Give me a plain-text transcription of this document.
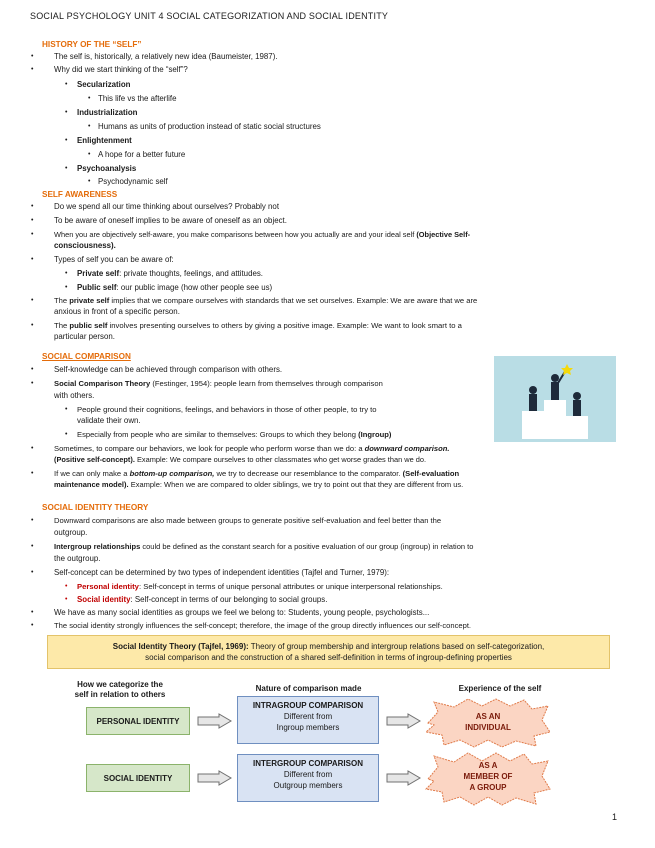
SOCIAL PSYCHOLOGY UNIT 4 SOCIAL CATEGORIZATION AND SOCIAL IDENTITY
HISTORY OF THE “SELF”
•	The self is, historically, a relatively new idea (Baumeister, 1987).
•	Why did we start thinking of the “self”?
• Secularization
• This life vs the afterlife
• Industrialization
• Humans as units of production instead of static social structures
• Enlightenment
• A hope for a better future
• Psychoanalysis
• Psychodynamic self
SELF AWARENESS
•	Do we spend all our time thinking about ourselves? Probably not
•	To be aware of oneself implies to be aware of oneself as an object.
•	When you are objectively self-aware, you make comparisons between how you actually are and your ideal self (Objective Self-
consciousness).
•	Types of self you can be aware of:
• Private self: private thoughts, feelings, and attitudes.
• Public self: our public image (how other people see us)
•	The private self implies that we compare ourselves with standards that we set ourselves. Example: We are aware that we are
anxious in front of a specific person.
•	The public self involves presenting ourselves to others by giving a positive image. Example: We want to look smart to a
particular person.
SOCIAL COMPARISON
•	Self-knowledge can be achieved through comparison with others.
•	Social Comparison Theory (Festinger, 1954): people learn from themselves through comparison
with others.
• People ground their cognitions, feelings, and behaviors in those of other people, to try to
validate their own.
• Especially from people who are similar to themselves: Groups to which they belong (Ingroup)
•	Sometimes, to compare our behaviors, we look for people who perform worse than we do: a downward comparison.
(Positive self-concept). Example: We compare ourselves to other classmates who get worse grades than we do.
•	If we can only make a bottom-up comparison, we try to decrease our resemblance to the comparator. (Self-evaluation
maintenance model). Example: When we are compared to older siblings, we try to point out that they are different from us.
SOCIAL IDENTITY THEORY
•	Downward comparisons are also made between groups to generate positive self-evaluation and feel better than the
outgroup.
•	Intergroup relationships could be defined as the constant search for a positive evaluation of our group (ingroup) in relation to
the outgroup.
•	Self-concept can be determined by two types of independent identities (Tajfel and Turner, 1979):
• Personal identity: Self-concept in terms of unique personal attributes or unique interpersonal relationships.
• Social identity: Self-concept in terms of our belonging to social groups.
•	We have as many social identities as groups we feel we belong to: Students, young people, psychologists...
•	The social identity strongly influences the self-concept; therefore, the image of the group directly influences our self-concept.
Social Identity Theory (Tajfel, 1969): Theory of group membership and intergroup relations based on self-categorization,
social comparison and the construction of a shared self-definition in terms of ingroup-defining properties
How we categorize the
self in relation to others
Nature of comparison made	Experience of the self
PERSONAL IDENTITY
SOCIAL IDENTITY
INTRAGROUP COMPARISON
Different from
Ingroup members
INTERGROUP COMPARISON
Different from
Outgroup members
AS AN
INDIVIDUAL
AS A
MEMBER OF
A GROUP
1
